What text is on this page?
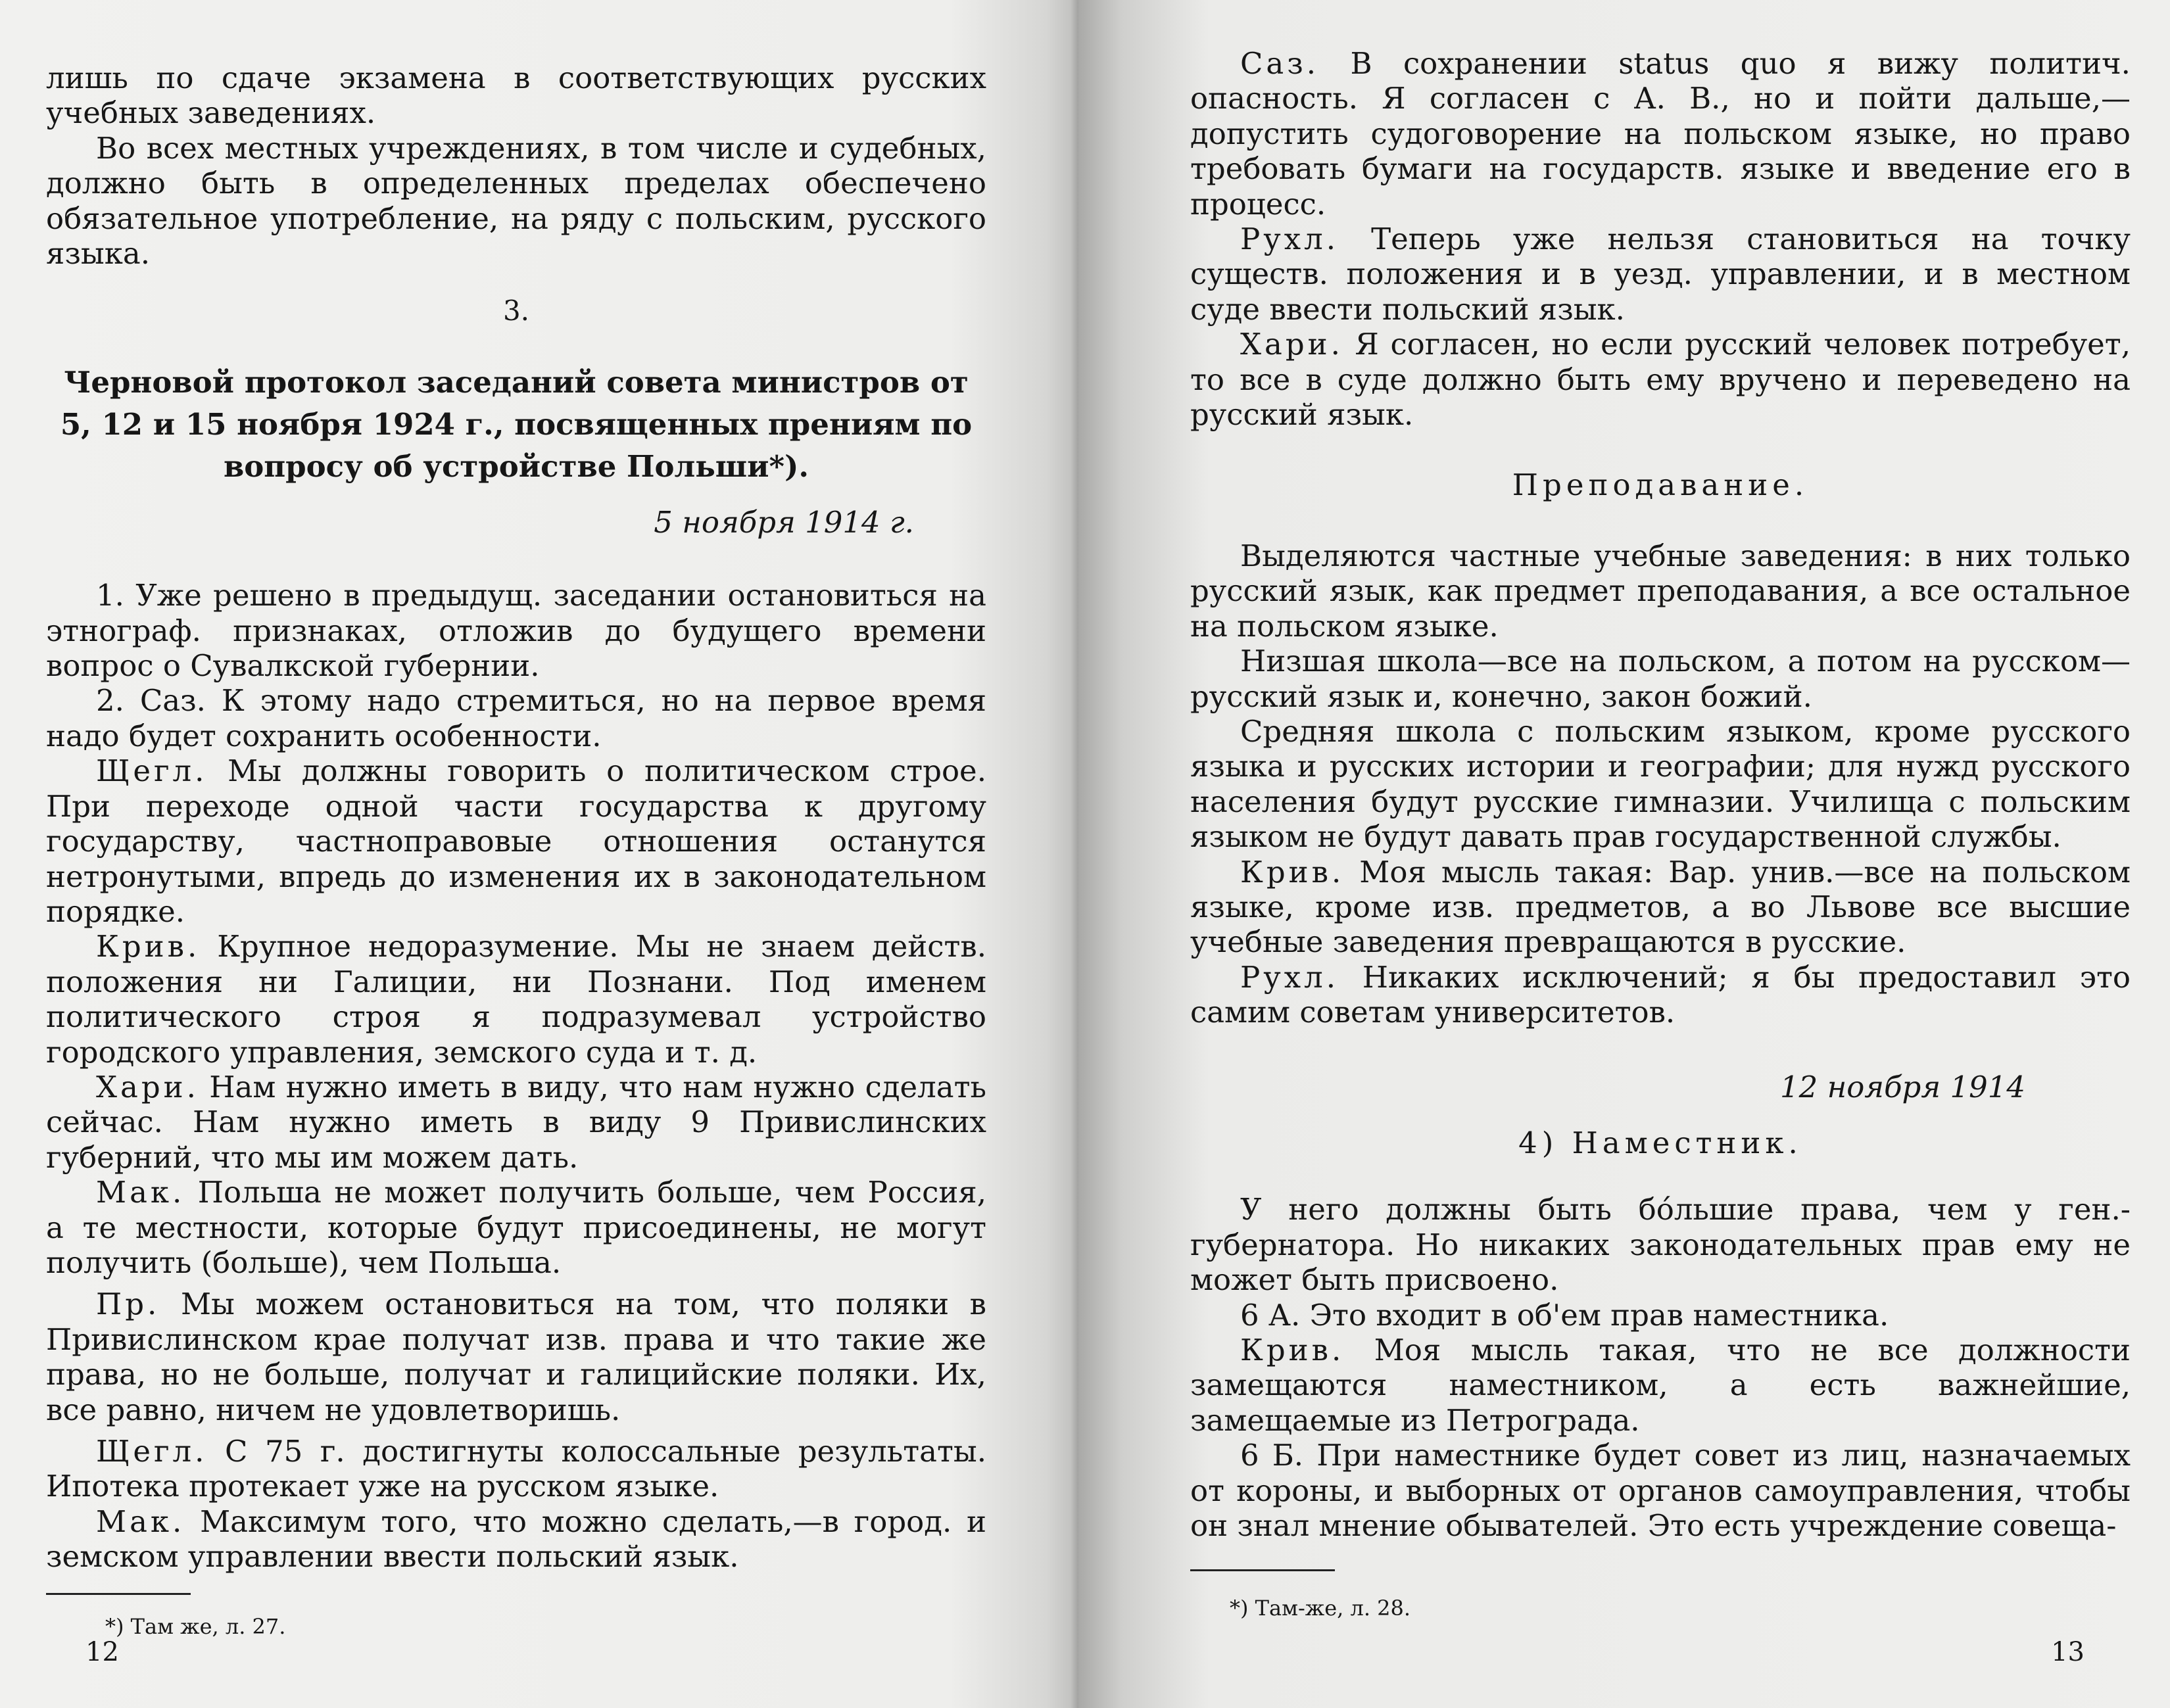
лишь по сдаче экзамена в соответствующих русских учебных заведениях.

Во всех местных учреждениях, в том числе и судебных, должно быть в определенных пределах обеспечено обязательное употребление, на ряду с польским, русского языка.

3.

Черновой протокол заседаний совета министров от 5, 12 и 15 ноября 1924 г., посвященных прениям по вопросу об устройстве Польши*).

5 ноября 1914 г.

1. Уже решено в предыдущ. заседании остановиться на этнограф. признаках, отложив до будущего времени вопрос о Сувалкской губернии.

2. Саз. К этому надо стремиться, но на первое время надо будет сохранить особенности.

Щегл. Мы должны говорить о политическом строе. При переходе одной части государства к другому государству, частноправовые отношения останутся нетронутыми, впредь до изменения их в законодательном порядке.

Крив. Крупное недоразумение. Мы не знаем действ. положения ни Галиции, ни Познани. Под именем политического строя я подразумевал устройство городского управления, земского суда и т. д.

Хари. Нам нужно иметь в виду, что нам нужно сделать сейчас. Нам нужно иметь в виду 9 Привислинских губерний, что мы им можем дать.

Мак. Польша не может получить больше, чем Россия, а те местности, которые будут присоединены, не могут получить (больше), чем Польша.

Пр. Мы можем остановиться на том, что поляки в Привислинском крае получат изв. права и что такие же права, но не больше, получат и галицийские поляки. Их, все равно, ничем не удовлетворишь.

Щегл. С 75 г. достигнуты колоссальные результаты. Ипотека протекает уже на русском языке.

Мак. Максимум того, что можно сделать,—в город. и земском управлении ввести польский язык.

*) Там же, л. 27.

12

Саз. В сохранении status quo я вижу политич. опасность. Я согласен с А. В., но и пойти дальше,—допустить судоговорение на польском языке, но право требовать бумаги на государств. языке и введение его в процесс.

Рухл. Теперь уже нельзя становиться на точку существ. положения и в уезд. управлении, и в местном суде ввести польский язык.

Хари. Я согласен, но если русский человек потребует, то все в суде должно быть ему вручено и переведено на русский язык.

Преподавание.

Выделяются частные учебные заведения: в них только русский язык, как предмет преподавания, а все остальное на польском языке.

Низшая школа—все на польском, а потом на русском—русский язык и, конечно, закон божий.

Средняя школа с польским языком, кроме русского языка и русских истории и географии; для нужд русского населения будут русские гимназии. Училища с польским языком не будут давать прав государственной службы.

Крив. Моя мысль такая: Вар. унив.—все на польском языке, кроме изв. предметов, а во Львове все высшие учебные заведения превращаются в русские.

Рухл. Никаких исключений; я бы предоставил это самим советам университетов.

12 ноября 1914

4) Наместник.

У него должны быть бо́льшие права, чем у ген.-губернатора. Но никаких законодательных прав ему не может быть присвоено.

6 А. Это входит в об'ем прав наместника.

Крив. Моя мысль такая, что не все должности замещаются наместником, а есть важнейшие, замещаемые из Петрограда.

6 Б. При наместнике будет совет из лиц, назначаемых от короны, и выборных от органов самоуправления, чтобы он знал мнение обывателей. Это есть учреждение совеща-

*) Там-же, л. 28.

13
